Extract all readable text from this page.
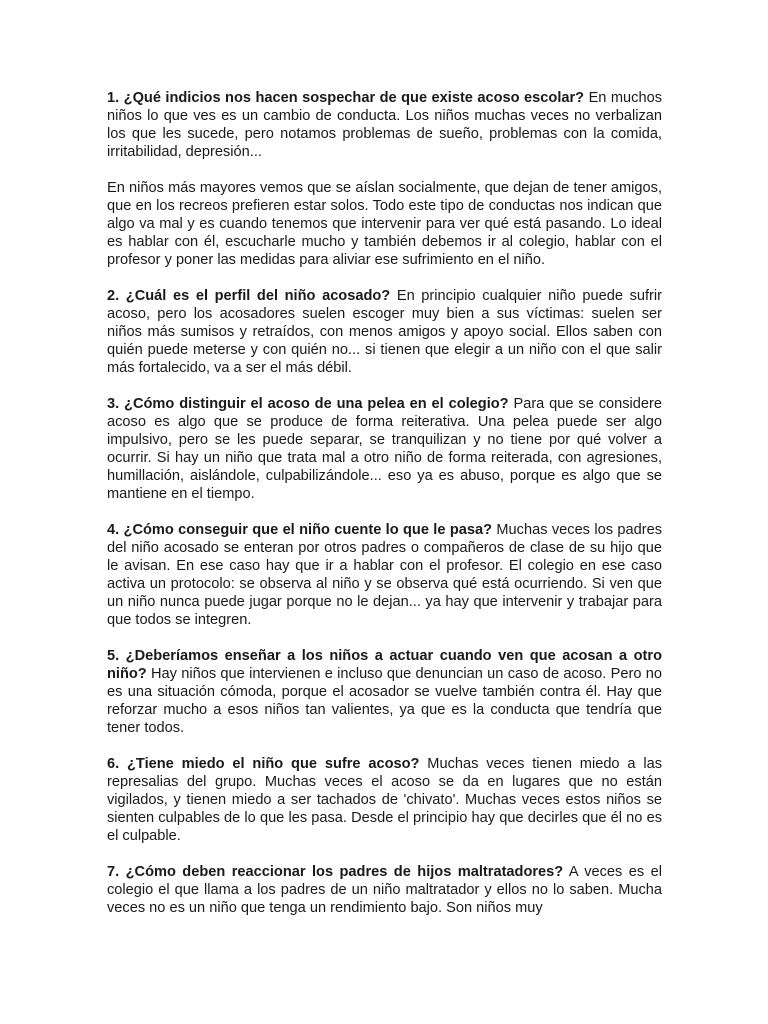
1. ¿Qué indicios nos hacen sospechar de que existe acoso escolar? En muchos niños lo que ves es un cambio de conducta. Los niños muchas veces no verbalizan los que les sucede, pero notamos problemas de sueño, problemas con la comida, irritabilidad, depresión...

En niños más mayores vemos que se aíslan socialmente, que dejan de tener amigos, que en los recreos prefieren estar solos. Todo este tipo de conductas nos indican que algo va mal y es cuando tenemos que intervenir para ver qué está pasando. Lo ideal es hablar con él, escucharle mucho y también debemos ir al colegio, hablar con el profesor y poner las medidas para aliviar ese sufrimiento en el niño.

2. ¿Cuál es el perfil del niño acosado? En principio cualquier niño puede sufrir acoso, pero los acosadores suelen escoger muy bien a sus víctimas: suelen ser niños más sumisos y retraídos, con menos amigos y apoyo social. Ellos saben con quién puede meterse y con quién no... si tienen que elegir a un niño con el que salir más fortalecido, va a ser el más débil.

3. ¿Cómo distinguir el acoso de una pelea en el colegio? Para que se considere acoso es algo que se produce de forma reiterativa. Una pelea puede ser algo impulsivo, pero se les puede separar, se tranquilizan y no tiene por qué volver a ocurrir. Si hay un niño que trata mal a otro niño de forma reiterada, con agresiones, humillación, aislándole, culpabilizándole... eso ya es abuso, porque es algo que se mantiene en el tiempo.

4. ¿Cómo conseguir que el niño cuente lo que le pasa? Muchas veces los padres del niño acosado se enteran por otros padres o compañeros de clase de su hijo que le avisan. En ese caso hay que ir a hablar con el profesor. El colegio en ese caso activa un protocolo: se observa al niño y se observa qué está ocurriendo. Si ven que un niño nunca puede jugar porque no le dejan... ya hay que intervenir y trabajar para que todos se integren.

5. ¿Deberíamos enseñar a los niños a actuar cuando ven que acosan a otro niño? Hay niños que intervienen e incluso que denuncian un caso de acoso. Pero no es una situación cómoda, porque el acosador se vuelve también contra él. Hay que reforzar mucho a esos niños tan valientes, ya que es la conducta que tendría que tener todos.

6. ¿Tiene miedo el niño que sufre acoso? Muchas veces tienen miedo a las represalias del grupo. Muchas veces el acoso se da en lugares que no están vigilados, y tienen miedo a ser tachados de 'chivato'. Muchas veces estos niños se sienten culpables de lo que les pasa. Desde el principio hay que decirles que él no es el culpable.

7. ¿Cómo deben reaccionar los padres de hijos maltratadores? A veces es el colegio el que llama a los padres de un niño maltratador y ellos no lo saben. Mucha veces no es un niño que tenga un rendimiento bajo. Son niños muy
